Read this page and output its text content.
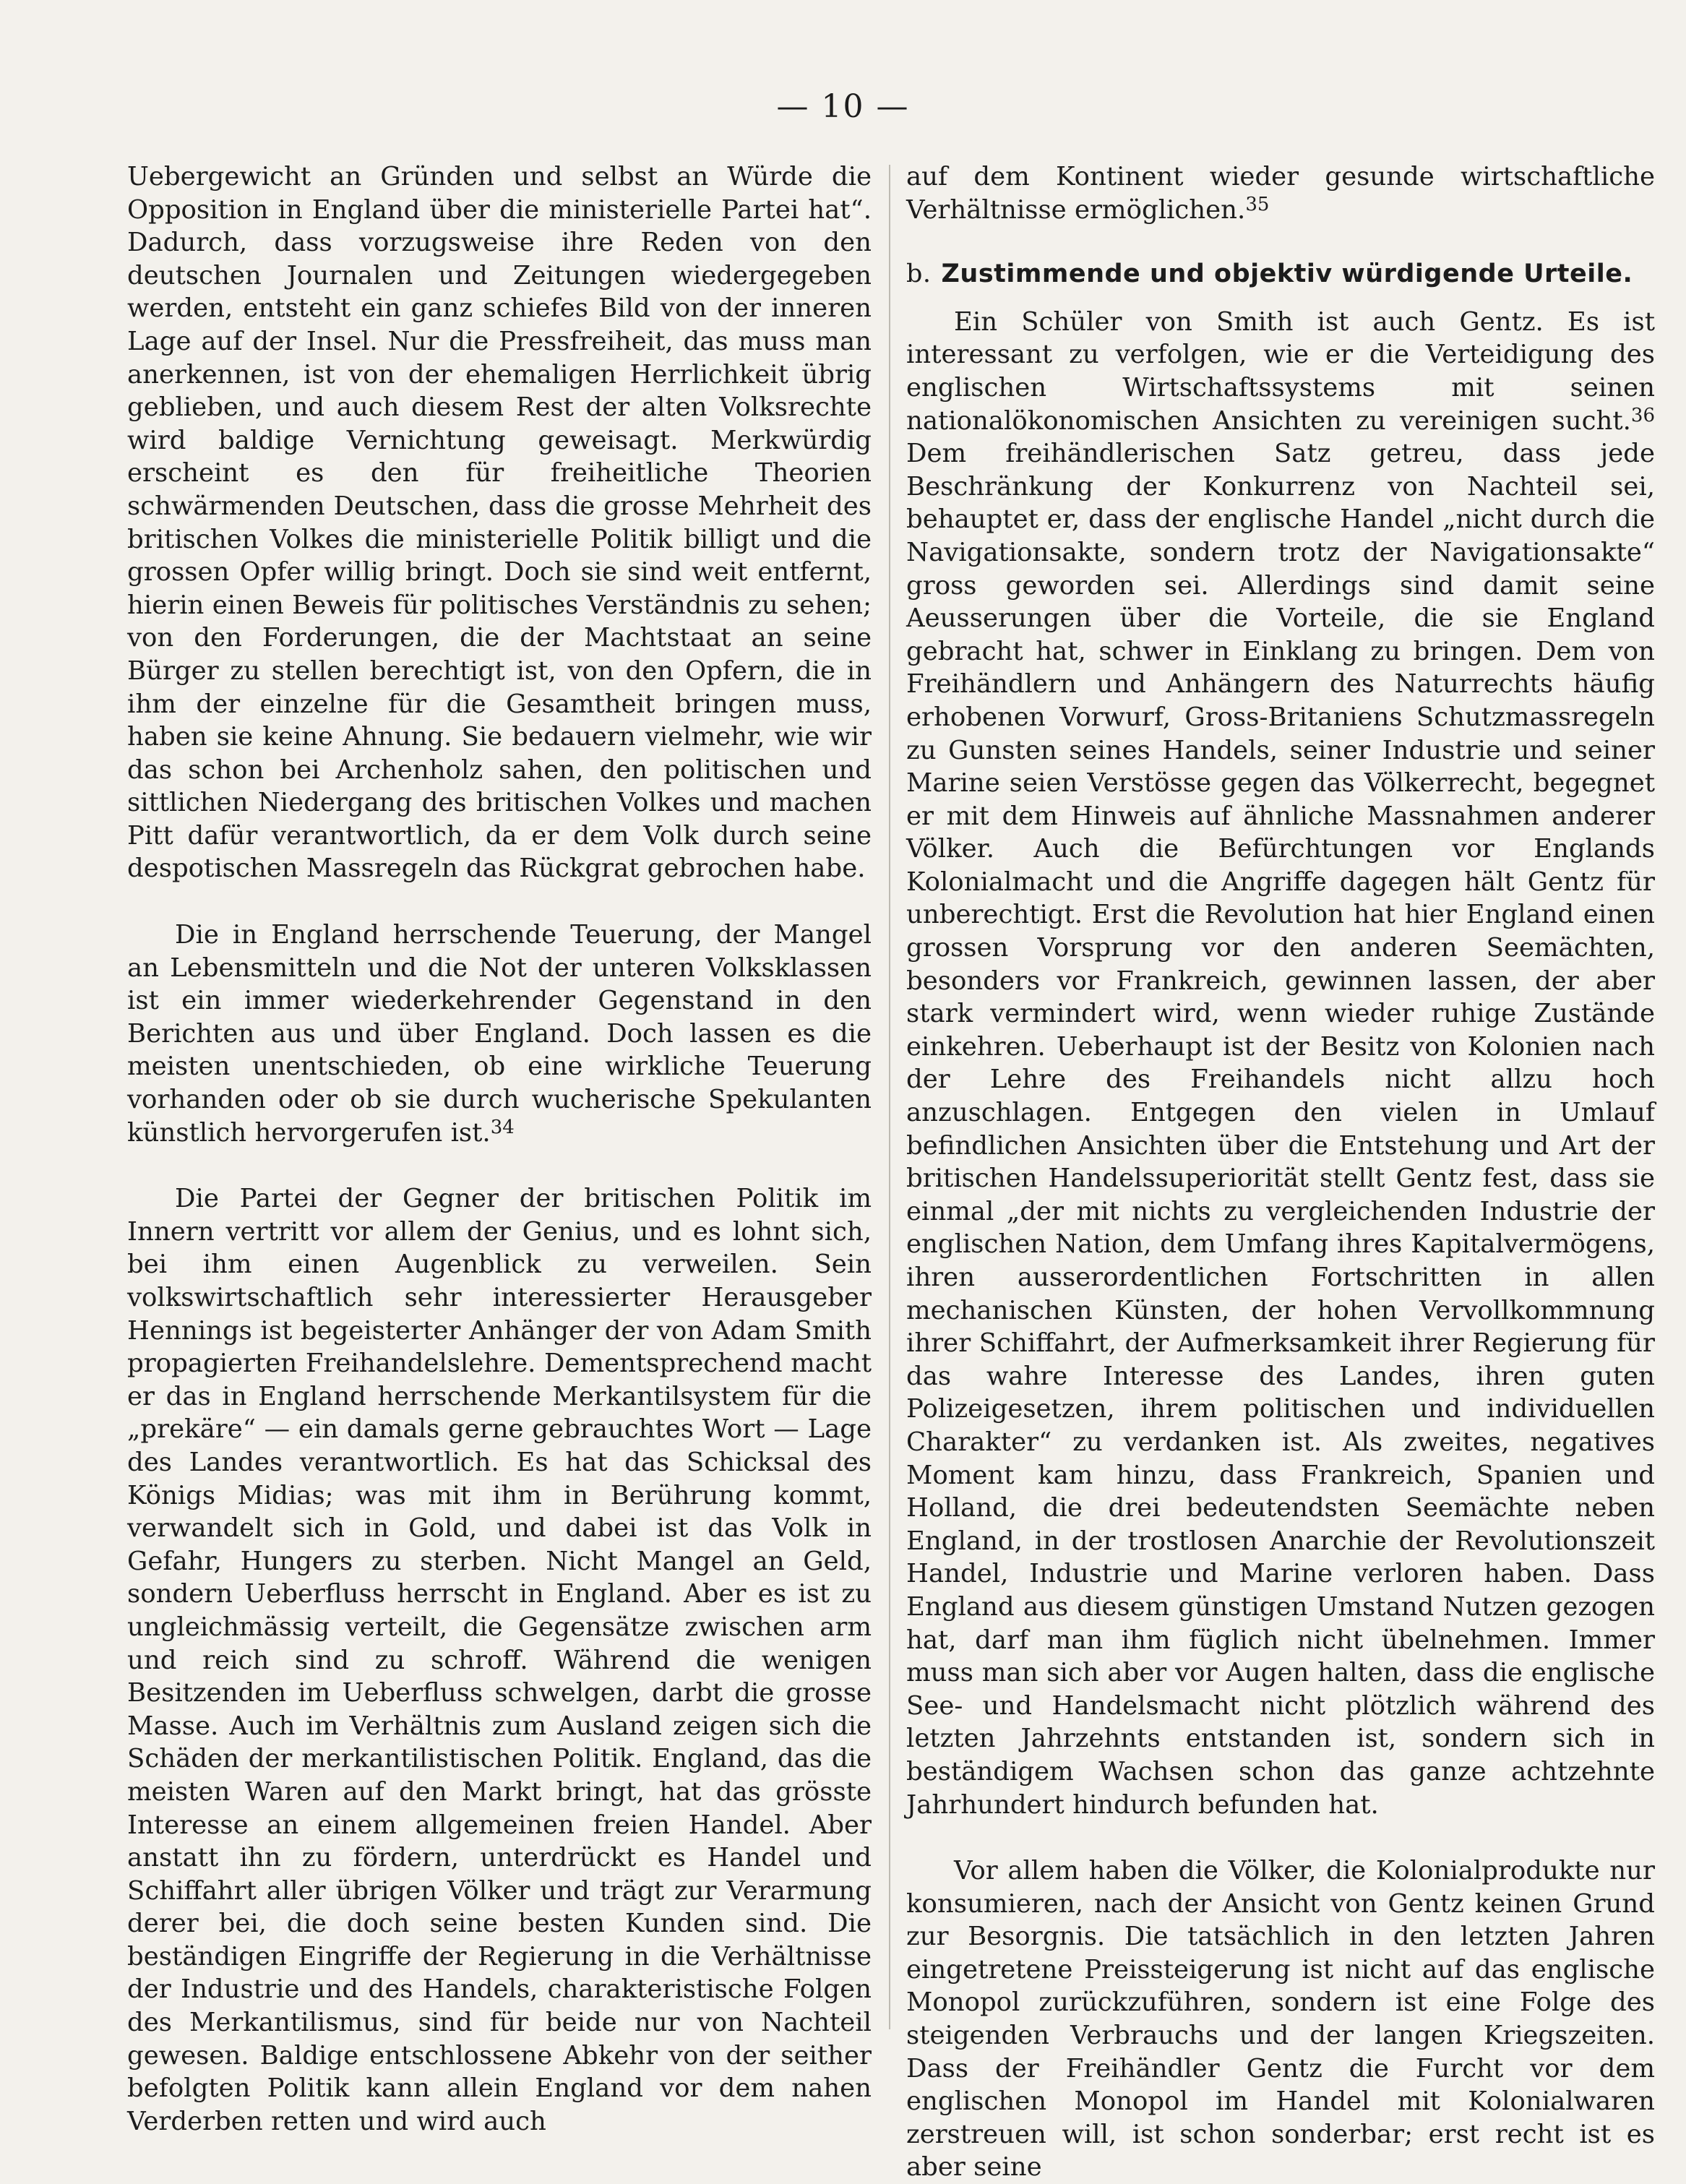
— 10 —

Uebergewicht an Gründen und selbst an Würde die Opposition in England über die ministerielle Partei hat“. Dadurch, dass vorzugsweise ihre Reden von den deutschen Journalen und Zeitungen wiedergegeben werden, entsteht ein ganz schiefes Bild von der inneren Lage auf der Insel. Nur die Pressfreiheit, das muss man anerkennen, ist von der ehemaligen Herrlichkeit übrig geblieben, und auch diesem Rest der alten Volksrechte wird baldige Vernichtung geweisagt. Merkwürdig erscheint es den für freiheitliche Theorien schwärmenden Deutschen, dass die grosse Mehrheit des britischen Volkes die ministerielle Politik billigt und die grossen Opfer willig bringt. Doch sie sind weit entfernt, hierin einen Beweis für politisches Verständnis zu sehen; von den Forderungen, die der Machtstaat an seine Bürger zu stellen berechtigt ist, von den Opfern, die in ihm der einzelne für die Gesamtheit bringen muss, haben sie keine Ahnung. Sie bedauern vielmehr, wie wir das schon bei Archenholz sahen, den politischen und sittlichen Niedergang des britischen Volkes und machen Pitt dafür verantwortlich, da er dem Volk durch seine despotischen Massregeln das Rückgrat gebrochen habe.

Die in England herrschende Teuerung, der Mangel an Lebensmitteln und die Not der unteren Volksklassen ist ein immer wiederkehrender Gegenstand in den Berichten aus und über England. Doch lassen es die meisten unentschieden, ob eine wirkliche Teuerung vorhanden oder ob sie durch wucherische Spekulanten künstlich hervorgerufen ist.$^{34}$

Die Partei der Gegner der britischen Politik im Innern vertritt vor allem der Genius, und es lohnt sich, bei ihm einen Augenblick zu verweilen. Sein volkswirtschaftlich sehr interessierter Herausgeber Hennings ist begeisterter Anhänger der von Adam Smith propagierten Freihandelslehre. Dementsprechend macht er das in England herrschende Merkantilsystem für die „prekäre“ — ein damals gerne gebrauchtes Wort — Lage des Landes verantwortlich. Es hat das Schicksal des Königs Midias; was mit ihm in Berührung kommt, verwandelt sich in Gold, und dabei ist das Volk in Gefahr, Hungers zu sterben. Nicht Mangel an Geld, sondern Ueberfluss herrscht in England. Aber es ist zu ungleichmässig verteilt, die Gegensätze zwischen arm und reich sind zu schroff. Während die wenigen Besitzenden im Ueberfluss schwelgen, darbt die grosse Masse. Auch im Verhältnis zum Ausland zeigen sich die Schäden der merkantilistischen Politik. England, das die meisten Waren auf den Markt bringt, hat das grösste Interesse an einem allgemeinen freien Handel. Aber anstatt ihn zu fördern, unterdrückt es Handel und Schiffahrt aller übrigen Völker und trägt zur Verarmung derer bei, die doch seine besten Kunden sind. Die beständigen Eingriffe der Regierung in die Verhältnisse der Industrie und des Handels, charakteristische Folgen des Merkantilismus, sind für beide nur von Nachteil gewesen. Baldige entschlossene Abkehr von der seither befolgten Politik kann allein England vor dem nahen Verderben retten und wird auch

auf dem Kontinent wieder gesunde wirtschaftliche Verhältnisse ermöglichen.$^{35}$

b. Zustimmende und objektiv würdigende Urteile.

Ein Schüler von Smith ist auch Gentz. Es ist interessant zu verfolgen, wie er die Verteidigung des englischen Wirtschaftssystems mit seinen nationalökonomischen Ansichten zu vereinigen sucht.$^{36}$ Dem freihändlerischen Satz getreu, dass jede Beschränkung der Konkurrenz von Nachteil sei, behauptet er, dass der englische Handel „nicht durch die Navigationsakte, sondern trotz der Navigationsakte“ gross geworden sei. Allerdings sind damit seine Aeusserungen über die Vorteile, die sie England gebracht hat, schwer in Einklang zu bringen. Dem von Freihändlern und Anhängern des Naturrechts häufig erhobenen Vorwurf, Gross-Britaniens Schutzmassregeln zu Gunsten seines Handels, seiner Industrie und seiner Marine seien Verstösse gegen das Völkerrecht, begegnet er mit dem Hinweis auf ähnliche Massnahmen anderer Völker. Auch die Befürchtungen vor Englands Kolonialmacht und die Angriffe dagegen hält Gentz für unberechtigt. Erst die Revolution hat hier England einen grossen Vorsprung vor den anderen Seemächten, besonders vor Frankreich, gewinnen lassen, der aber stark vermindert wird, wenn wieder ruhige Zustände einkehren. Ueberhaupt ist der Besitz von Kolonien nach der Lehre des Freihandels nicht allzu hoch anzuschlagen. Entgegen den vielen in Umlauf befindlichen Ansichten über die Entstehung und Art der britischen Handelssuperiorität stellt Gentz fest, dass sie einmal „der mit nichts zu vergleichenden Industrie der englischen Nation, dem Umfang ihres Kapitalvermögens, ihren ausserordentlichen Fortschritten in allen mechanischen Künsten, der hohen Vervollkommnung ihrer Schiffahrt, der Aufmerksamkeit ihrer Regierung für das wahre Interesse des Landes, ihren guten Polizeigesetzen, ihrem politischen und individuellen Charakter“ zu verdanken ist. Als zweites, negatives Moment kam hinzu, dass Frankreich, Spanien und Holland, die drei bedeutendsten Seemächte neben England, in der trostlosen Anarchie der Revolutionszeit Handel, Industrie und Marine verloren haben. Dass England aus diesem günstigen Umstand Nutzen gezogen hat, darf man ihm füglich nicht übelnehmen. Immer muss man sich aber vor Augen halten, dass die englische See- und Handelsmacht nicht plötzlich während des letzten Jahrzehnts entstanden ist, sondern sich in beständigem Wachsen schon das ganze achtzehnte Jahrhundert hindurch befunden hat.

Vor allem haben die Völker, die Kolonialprodukte nur konsumieren, nach der Ansicht von Gentz keinen Grund zur Besorgnis. Die tatsächlich in den letzten Jahren eingetretene Preissteigerung ist nicht auf das englische Monopol zurückzuführen, sondern ist eine Folge des steigenden Verbrauchs und der langen Kriegszeiten. Dass der Freihändler Gentz die Furcht vor dem englischen Monopol im Handel mit Kolonialwaren zerstreuen will, ist schon sonderbar; erst recht ist es aber seine
